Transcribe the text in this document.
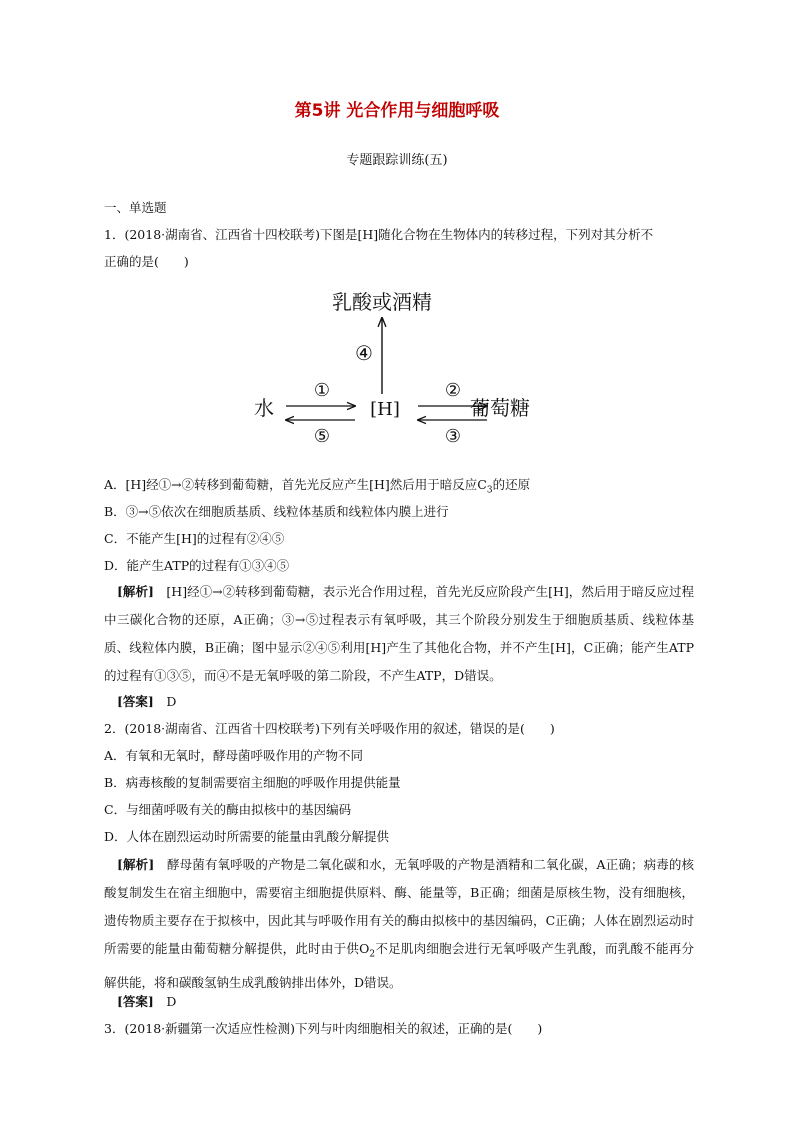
第5讲 光合作用与细胞呼吸
专题跟踪训练(五)
一、单选题
1．(2018·湖南省、江西省十四校联考)下图是[H]随化合物在生物体内的转移过程，下列对其分析不
正确的是(　　)
乳酸或酒精
④
水	[H]	葡萄糖
①
⑤
②
③
A．[H]经①→②转移到葡萄糖，首先光反应产生[H]然后用于暗反应$C_3$的还原
B．③→⑤依次在细胞质基质、线粒体基质和线粒体内膜上进行
C．不能产生[H]的过程有②④⑤
D．能产生ATP的过程有①③④⑤
[解析]　[H]经①→②转移到葡萄糖，表示光合作用过程，首先光反应阶段产生[H]，然后用于暗反应过程中三碳化合物的还原，A正确；③→⑤过程表示有氧呼吸，其三个阶段分别发生于细胞质基质、线粒体基质、线粒体内膜，B正确；图中显示②④⑤利用[H]产生了其他化合物，并不产生[H]，C正确；能产生ATP的过程有①③⑤，而④不是无氧呼吸的第二阶段，不产生ATP，D错误。
[答案]　D
2．(2018·湖南省、江西省十四校联考)下列有关呼吸作用的叙述，错误的是(　　)
A．有氧和无氧时，酵母菌呼吸作用的产物不同
B．病毒核酸的复制需要宿主细胞的呼吸作用提供能量
C．与细菌呼吸有关的酶由拟核中的基因编码
D．人体在剧烈运动时所需要的能量由乳酸分解提供
[解析]　酵母菌有氧呼吸的产物是二氧化碳和水，无氧呼吸的产物是酒精和二氧化碳，A正确；病毒的核酸复制发生在宿主细胞中，需要宿主细胞提供原料、酶、能量等，B正确；细菌是原核生物，没有细胞核，遗传物质主要存在于拟核中，因此其与呼吸作用有关的酶由拟核中的基因编码，C正确；人体在剧烈运动时所需要的能量由葡萄糖分解提供，此时由于供$O_2$不足肌肉细胞会进行无氧呼吸产生乳酸，而乳酸不能再分解供能，将和碳酸氢钠生成乳酸钠排出体外，D错误。
[答案]　D
3．(2018·新疆第一次适应性检测)下列与叶肉细胞相关的叙述，正确的是(　　)
